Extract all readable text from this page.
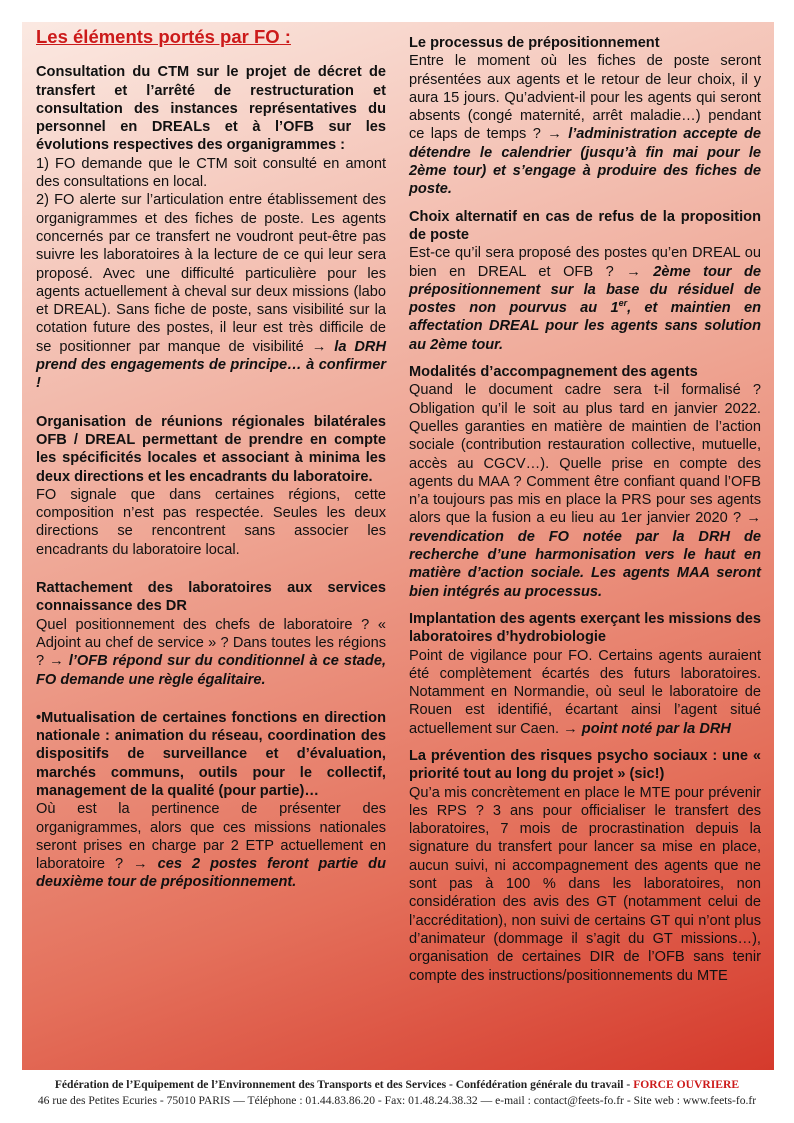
Les éléments portés par FO :
Consultation du CTM sur le projet de décret de transfert et l’arrêté de restructuration et consultation des instances représentatives du personnel en DREALs et à l’OFB sur les évolutions respectives des organigrammes :

1) FO demande que le CTM soit consulté en amont des consultations en local.

2) FO alerte sur l’articulation entre établissement des organigrammes et des fiches de poste. Les agents concernés par ce transfert ne voudront peut-être pas suivre les laboratoires à la lecture de ce qui leur sera proposé. Avec une difficulté particulière pour les agents actuellement à cheval sur deux missions (labo et DREAL). Sans fiche de poste, sans visibilité sur la cotation future des postes, il leur est très difficile de se positionner par manque de visibilité → la DRH prend des engagements de principe… à confirmer !

Organisation de réunions régionales bilatérales OFB / DREAL permettant de prendre en compte les spécificités locales et associant à minima les deux directions et les encadrants du laboratoire.

FO signale que dans certaines régions, cette composition n’est pas respectée. Seules les deux directions se rencontrent sans associer les encadrants du laboratoire local.

Rattachement des laboratoires aux services connaissance des DR

Quel positionnement des chefs de laboratoire ? « Adjoint au chef de service » ? Dans toutes les régions ? → l’OFB répond sur du conditionnel à ce stade, FO demande une règle égalitaire.

•Mutualisation de certaines fonctions en direction nationale : animation du réseau, coordination des dispositifs de surveillance et d’évaluation, marchés communs, outils pour le collectif, management de la qualité (pour partie)…

Où est la pertinence de présenter des organigrammes, alors que ces missions nationales seront prises en charge par 2 ETP actuellement en laboratoire ? → ces 2 postes feront partie du deuxième tour de prépositionnement.

Le processus de prépositionnement

Entre le moment où les fiches de poste seront présentées aux agents et le retour de leur choix, il y aura 15 jours. Qu’advient-il pour les agents qui seront absents (congé maternité, arrêt maladie…) pendant ce laps de temps ? → l’administration accepte de détendre le calendrier (jusqu’à fin mai pour le 2ème tour) et s’engage à produire des fiches de poste.

Choix alternatif en cas de refus de la proposition de poste

Est-ce qu’il sera proposé des postes qu’en DREAL ou bien en DREAL et OFB ? → 2ème tour de prépositionnement sur la base du résiduel de postes non pourvus au 1er, et maintien en affectation DREAL pour les agents sans solution au 2ème tour.

Modalités d’accompagnement des agents

Quand le document cadre sera t-il formalisé ? Obligation qu’il le soit au plus tard en janvier 2022. Quelles garanties en matière de maintien de l’action sociale (contribution restauration collective, mutuelle, accès au CGCV…). Quelle prise en compte des agents du MAA ? Comment être confiant quand l’OFB n’a toujours pas mis en place la PRS pour ses agents alors que la fusion a eu lieu au 1er janvier 2020 ? → revendication de FO notée par la DRH de recherche d’une harmonisation vers le haut en matière d’action sociale. Les agents MAA seront bien intégrés au processus.

Implantation des agents exerçant les missions des laboratoires d’hydrobiologie

Point de vigilance pour FO. Certains agents auraient été complètement écartés des futurs laboratoires. Notamment en Normandie, où seul le laboratoire de Rouen est identifié, écartant ainsi l’agent situé actuellement sur Caen. → point noté par la DRH

La prévention des risques psycho sociaux : une « priorité tout au long du projet » (sic!)

Qu’a mis concrètement en place le MTE pour prévenir les RPS ? 3 ans pour officialiser le transfert des laboratoires, 7 mois de procrastination depuis la signature du transfert pour lancer sa mise en place, aucun suivi, ni accompagnement des agents que ne sont pas à 100 % dans les laboratoires, non considération des avis des GT (notamment celui de l’accréditation), non suivi de certains GT qui n’ont plus d’animateur (dommage il s’agit du GT missions…), organisation de certaines DIR de l’OFB sans tenir compte des instructions/positionnements du MTE

Fédération de l’Equipement de l’Environnement des Transports et des Services - Confédération générale du travail - FORCE OUVRIERE
46 rue des Petites Ecuries - 75010 PARIS — Téléphone : 01.44.83.86.20 - Fax: 01.48.24.38.32 — e-mail : contact@feets-fo.fr - Site web : www.feets-fo.fr
